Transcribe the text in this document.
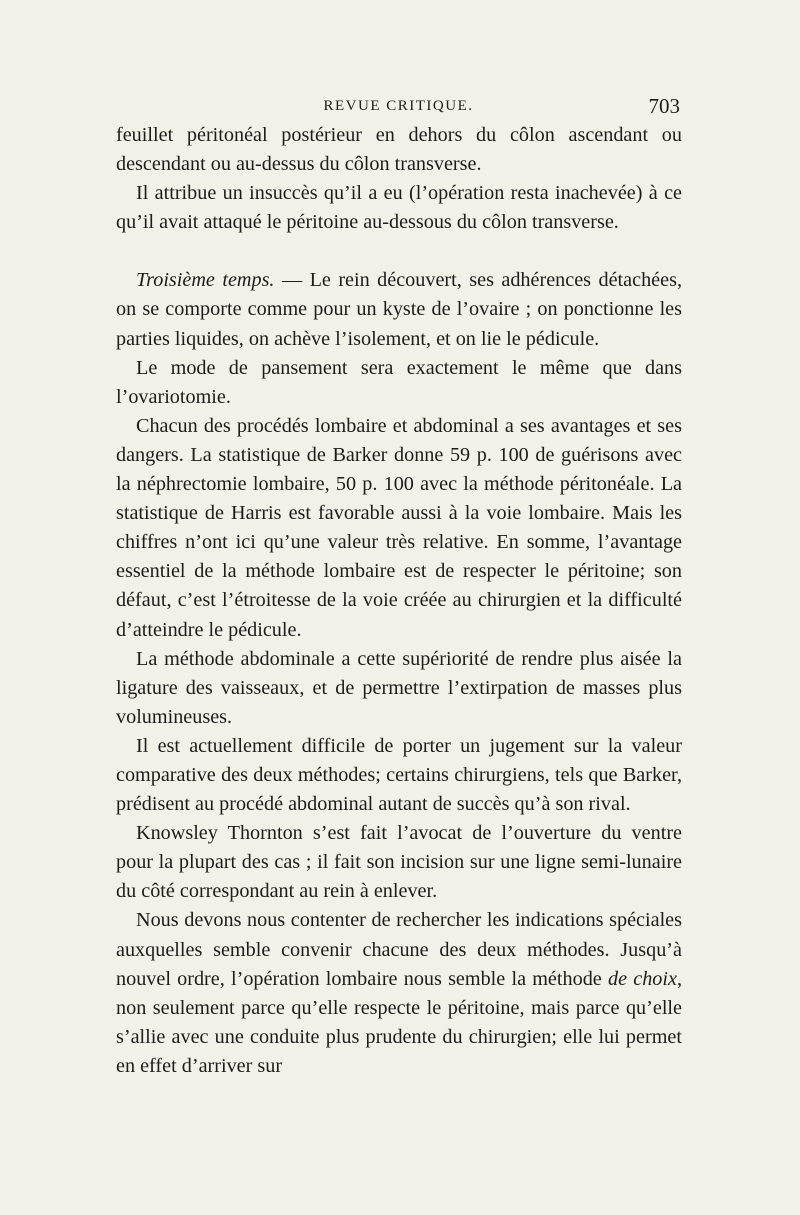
REVUE CRITIQUE.	703

feuillet péritonéal postérieur en dehors du côlon ascendant ou descendant ou au-dessus du côlon transverse.

Il attribue un insuccès qu’il a eu (l’opération resta inachevée) à ce qu’il avait attaqué le péritoine au-dessous du côlon transverse.

Troisième temps. — Le rein découvert, ses adhérences détachées, on se comporte comme pour un kyste de l’ovaire ; on ponctionne les parties liquides, on achève l’isolement, et on lie le pédicule.

Le mode de pansement sera exactement le même que dans l’ovariotomie.

Chacun des procédés lombaire et abdominal a ses avantages et ses dangers. La statistique de Barker donne 59 p. 100 de guérisons avec la néphrectomie lombaire, 50 p. 100 avec la méthode péritonéale. La statistique de Harris est favorable aussi à la voie lombaire. Mais les chiffres n’ont ici qu’une valeur très relative. En somme, l’avantage essentiel de la méthode lombaire est de respecter le péritoine; son défaut, c’est l’étroitesse de la voie créée au chirurgien et la difficulté d’atteindre le pédicule.

La méthode abdominale a cette supériorité de rendre plus aisée la ligature des vaisseaux, et de permettre l’extirpation de masses plus volumineuses.

Il est actuellement difficile de porter un jugement sur la valeur comparative des deux méthodes; certains chirurgiens, tels que Barker, prédisent au procédé abdominal autant de succès qu’à son rival.

Knowsley Thornton s’est fait l’avocat de l’ouverture du ventre pour la plupart des cas ; il fait son incision sur une ligne semi-lunaire du côté correspondant au rein à enlever.

Nous devons nous contenter de rechercher les indications spéciales auxquelles semble convenir chacune des deux méthodes. Jusqu’à nouvel ordre, l’opération lombaire nous semble la méthode de choix, non seulement parce qu’elle respecte le péritoine, mais parce qu’elle s’allie avec une conduite plus prudente du chirurgien; elle lui permet en effet d’arriver sur
